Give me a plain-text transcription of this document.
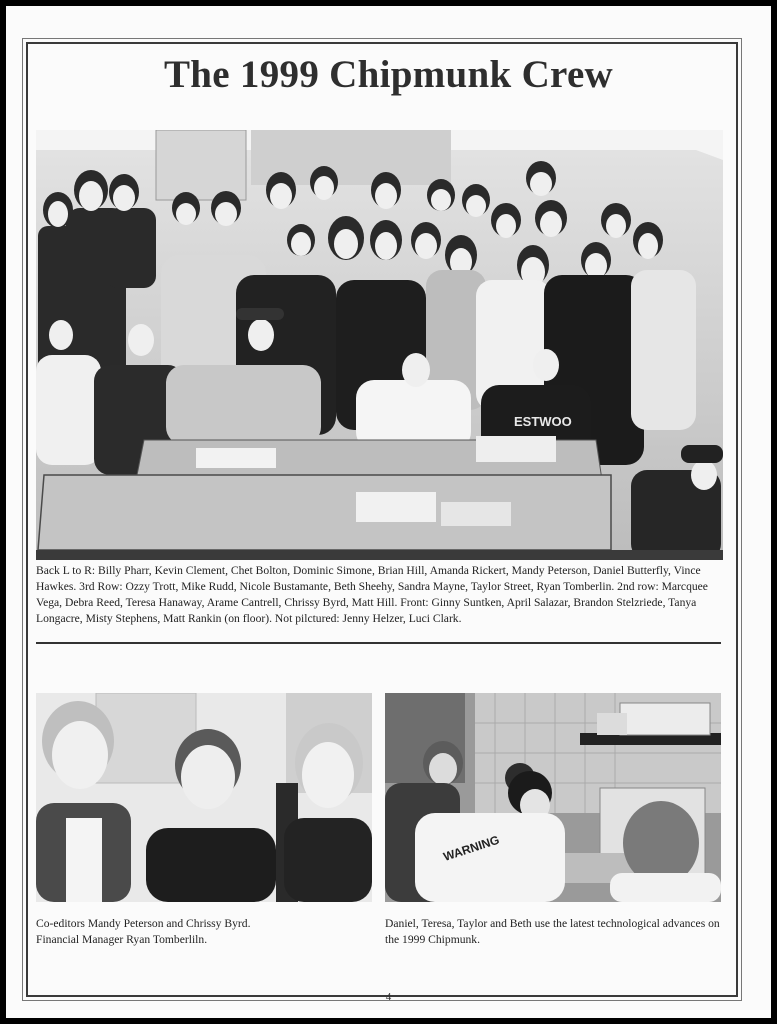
The 1999 Chipmunk Crew
ESTWOO
Back L to R: Billy Pharr, Kevin Clement, Chet Bolton, Dominic Simone, Brian Hill, Amanda Rickert, Mandy Peterson, Daniel Butterfly, Vince Hawkes. 3rd Row: Ozzy Trott, Mike Rudd, Nicole Bustamante, Beth Sheehy, Sandra Mayne, Taylor Street, Ryan Tomberlin. 2nd row: Marcquee Vega, Debra Reed, Teresa Hanaway, Arame Cantrell, Chrissy Byrd, Matt Hill. Front: Ginny Suntken, April Salazar, Brandon Stelzriede, Tanya Longacre, Misty Stephens, Matt Rankin (on floor). Not pilctured: Jenny Helzer, Luci Clark.
Co-editors Mandy Peterson and Chrissy Byrd.
Financial Manager Ryan Tomberliln.
WARNING
Daniel, Teresa, Taylor and Beth use the latest technological advances on the 1999 Chipmunk.
4
